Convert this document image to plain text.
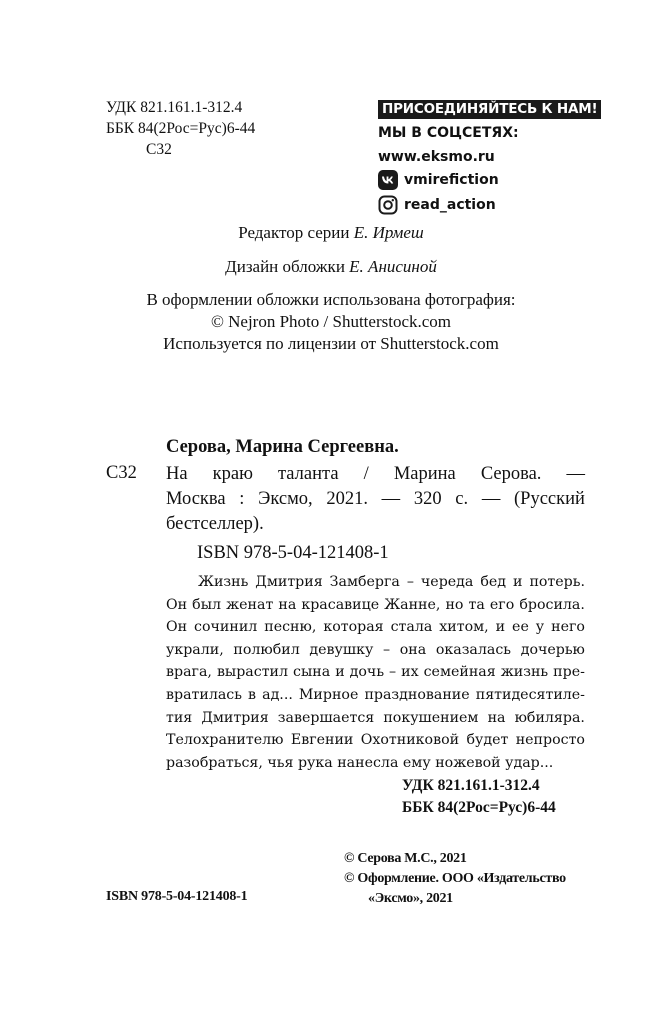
УДК 821.161.1-312.4
ББК 84(2Рос=Рус)6-44
С32
ПРИСОЕДИНЯЙТЕСЬ К НАМ!
МЫ В СОЦСЕТЯХ:
www.eksmo.ru
vmirefiction
read_action
Редактор серии Е. Ирмеш
Дизайн обложки Е. Анисиной
В оформлении обложки использована фотография:
© Nejron Photo / Shutterstock.com
Используется по лицензии от Shutterstock.com
Серова, Марина Сергеевна.
С32 На краю таланта / Марина Серова. —
Москва : Эксмо, 2021. — 320 с. — (Русский
бестселлер).
ISBN 978-5-04-121408-1
Жизнь Дмитрия Замберга – череда бед и потерь.
Он был женат на красавице Жанне, но та его бросила.
Он сочинил песню, которая стала хитом, и ее у него
украли, полюбил девушку – она оказалась дочерью
врага, вырастил сына и дочь – их семейная жизнь пре-
вратилась в ад... Мирное празднование пятидесятиле-
тия Дмитрия завершается покушением на юбиляра.
Телохранителю Евгении Охотниковой будет непросто
разобраться, чья рука нанесла ему ножевой удар...
УДК 821.161.1-312.4
ББК 84(2Рос=Рус)6-44
© Серова М.С., 2021
© Оформление. ООО «Издательство
«Эксмо», 2021
ISBN 978-5-04-121408-1
